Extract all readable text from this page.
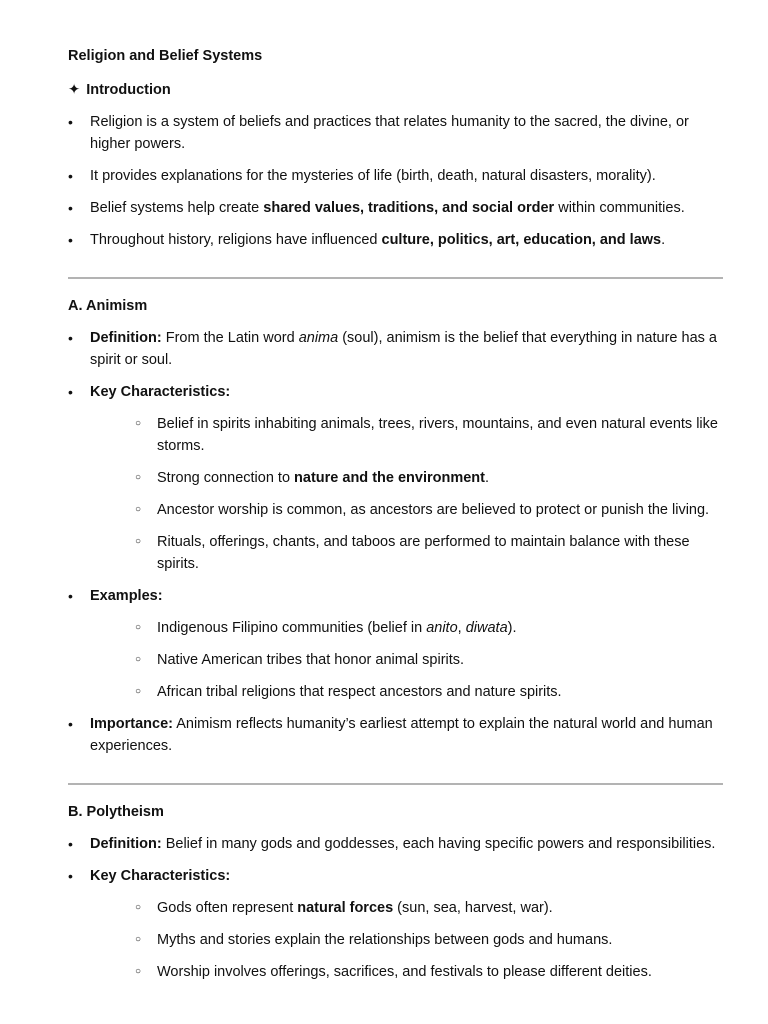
Religion and Belief Systems

✦ Introduction

• Religion is a system of beliefs and practices that relates humanity to the sacred, the divine, or higher powers.
• It provides explanations for the mysteries of life (birth, death, natural disasters, morality).
• Belief systems help create shared values, traditions, and social order within communities.
• Throughout history, religions have influenced culture, politics, art, education, and laws.

A. Animism

• Definition: From the Latin word anima (soul), animism is the belief that everything in nature has a spirit or soul.
• Key Characteristics:
○ Belief in spirits inhabiting animals, trees, rivers, mountains, and even natural events like storms.
○ Strong connection to nature and the environment.
○ Ancestor worship is common, as ancestors are believed to protect or punish the living.
○ Rituals, offerings, chants, and taboos are performed to maintain balance with these spirits.
• Examples:
○ Indigenous Filipino communities (belief in anito, diwata).
○ Native American tribes that honor animal spirits.
○ African tribal religions that respect ancestors and nature spirits.
• Importance: Animism reflects humanity’s earliest attempt to explain the natural world and human experiences.

B. Polytheism

• Definition: Belief in many gods and goddesses, each having specific powers and responsibilities.
• Key Characteristics:
○ Gods often represent natural forces (sun, sea, harvest, war).
○ Myths and stories explain the relationships between gods and humans.
○ Worship involves offerings, sacrifices, and festivals to please different deities.
